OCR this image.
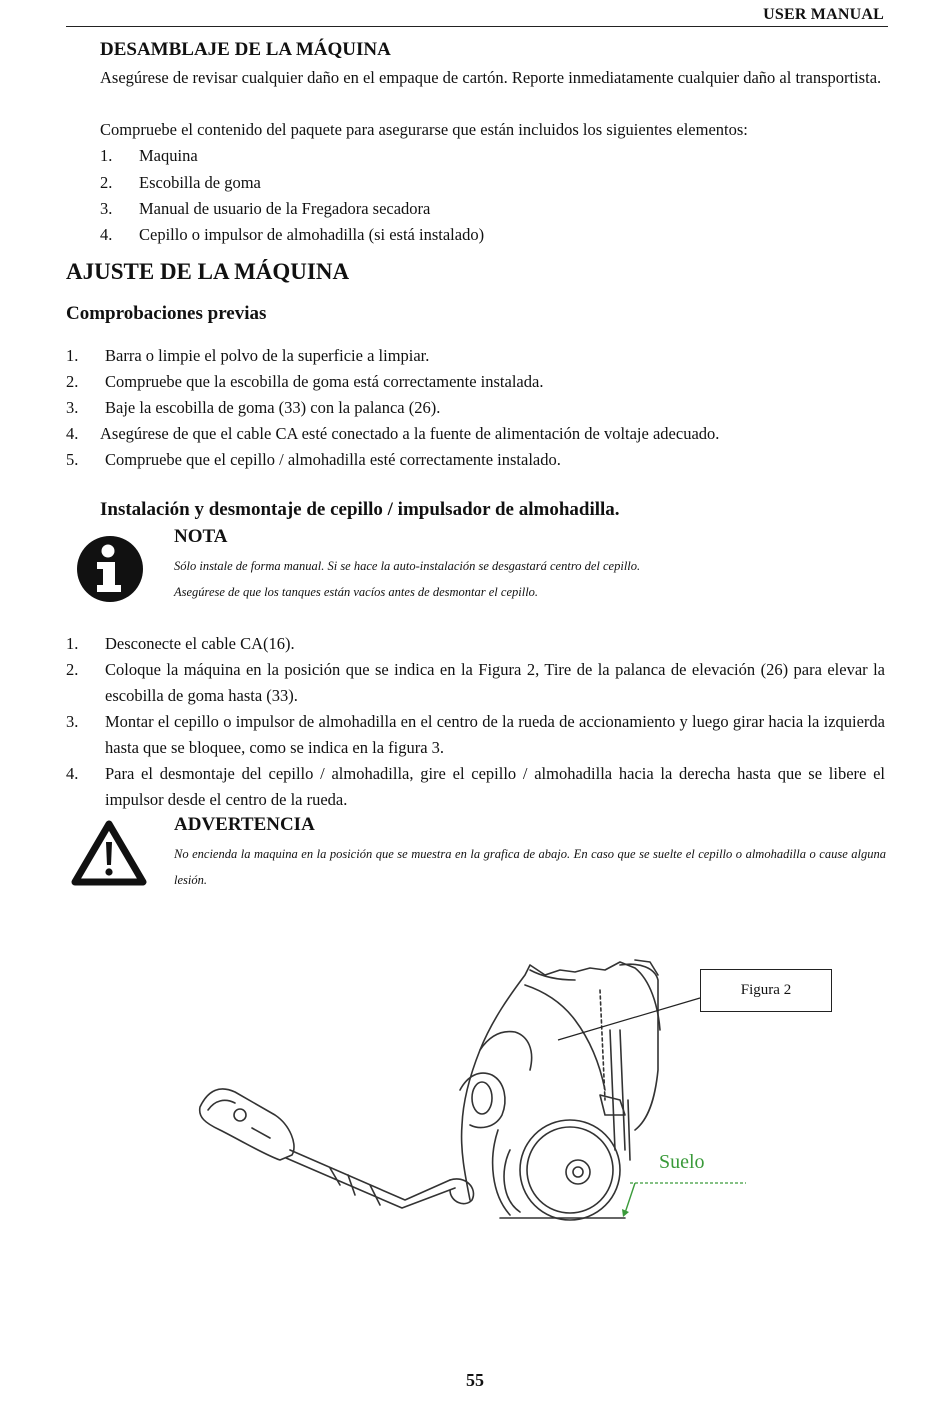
USER MANUAL
DESAMBLAJE DE LA MÁQUINA
Asegúrese de revisar cualquier daño en el empaque de cartón. Reporte inmediatamente cualquier daño al transportista.
Compruebe el contenido del paquete para asegurarse que están incluidos los siguientes elementos:
1. Maquina
2. Escobilla de goma
3. Manual de usuario de la Fregadora secadora
4. Cepillo o impulsor de almohadilla (si está instalado)
AJUSTE DE LA MÁQUINA
Comprobaciones previas
1. Barra o limpie el polvo de la superficie a limpiar.
2. Compruebe que la escobilla de goma está correctamente instalada.
3. Baje la escobilla de goma (33) con la palanca (26).
4. Asegúrese de que el cable CA esté conectado a la fuente de alimentación de voltaje adecuado.
5. Compruebe que el cepillo / almohadilla esté correctamente instalado.
Instalación y desmontaje de cepillo / impulsador de almohadilla.
NOTA
Sólo instale de forma manual. Si se hace la auto-instalación se desgastará centro del cepillo.
Asegúrese de que los tanques están vacíos antes de desmontar el cepillo.
1. Desconecte el cable CA(16).
2. Coloque la máquina en la posición que se indica en la Figura 2, Tire de la palanca de elevación (26) para elevar la escobilla de goma hasta (33).
3. Montar el cepillo o impulsor de almohadilla en el centro de la rueda de accionamiento y luego girar hacia la izquierda hasta que se bloquee, como se indica en la figura 3.
4. Para el desmontaje del cepillo / almohadilla, gire el cepillo / almohadilla hacia la derecha hasta que se libere el impulsor desde el centro de la rueda.
ADVERTENCIA
No encienda la maquina en la posición que se muestra en la grafica de abajo. En caso que se suelte el cepillo o almohadilla o cause alguna lesión.
Suelo
Figura 2
55
